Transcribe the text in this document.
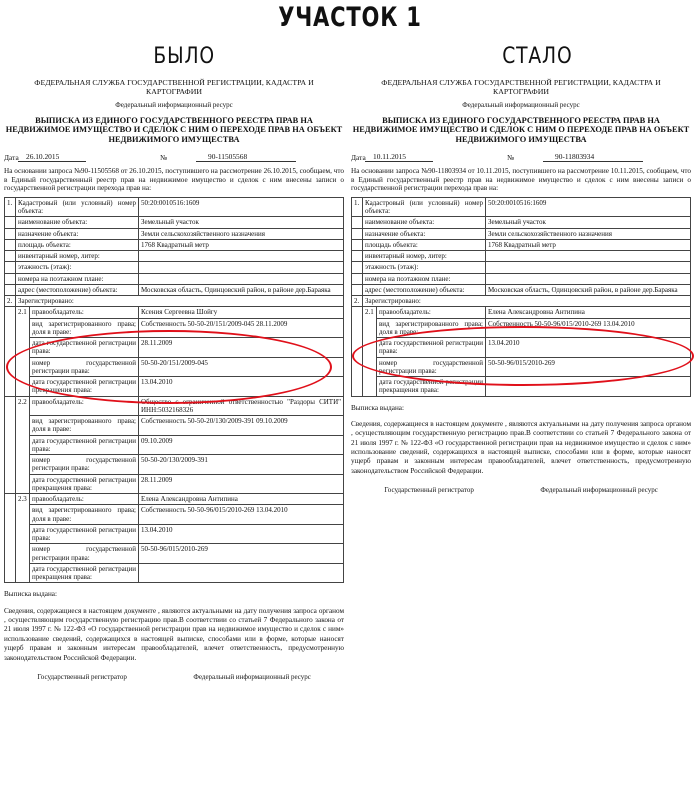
УЧАСТОК 1
БЫЛО	СТАЛО
ФЕДЕРАЛЬНАЯ СЛУЖБА ГОСУДАРСТВЕННОЙ РЕГИСТРАЦИИ, КАДАСТРА И КАРТОГРАФИИ
Федеральный информационный ресурс
ВЫПИСКА ИЗ ЕДИНОГО ГОСУДАРСТВЕННОГО РЕЕСТРА ПРАВ НА НЕДВИЖИМОЕ ИМУЩЕСТВО И СДЕЛОК С НИМ О ПЕРЕХОДЕ ПРАВ НА ОБЪЕКТ НЕДВИЖИМОГО ИМУЩЕСТВА
Дата 26.10.2015	№	90-11505568
На основании запроса №90-11505568 от 26.10.2015, поступившего на рассмотрение 26.10.2015, сообщаем, что в Единый государственный реестр прав на недвижимое имущество и сделок с ним внесены записи о государственной регистрации перехода прав на:
1.	Кадастровый (или условный) номер объекта:		50:20:0010516:1609
	наименование объекта:		Земельный участок
	назначение объекта:		Земли сельскохозяйственного назначения
	площадь объекта:		1768 Квадратный метр
	инвентарный номер, литер:		
	этажность (этаж):		
	номера на поэтажном плане:		
	адрес (местоположение) объекта:		Московская область, Одинцовский район, в районе дер.Бараяка
2.	Зарегистрировано:		
	2.1	правообладатель:	Ксения Сергеевна Шойгу
		вид зарегистрированного права; доля в праве:	Собственность 50-50-20/151/2009-045 28.11.2009
		дата государственной регистрации права:	28.11.2009
		номер государственной регистрации права:	50-50-20/151/2009-045
		дата государственной регистрации прекращения права:	13.04.2010
	2.2	правообладатель:	Общество с ограниченной ответственностью "Раздоры СИТИ" ИНН:5032168326
		вид зарегистрированного права; доля в праве:	Собственность 50-50-20/130/2009-391 09.10.2009
		дата государственной регистрации права:	09.10.2009
		номер государственной регистрации права:	50-50-20/130/2009-391
		дата государственной регистрации прекращения права:	28.11.2009
	2.3	правообладатель:	Елена Александровна Антипина
		вид зарегистрированного права; доля в праве:	Собственность 50-50-96/015/2010-269 13.04.2010
		дата государственной регистрации права:	13.04.2010
		номер государственной регистрации права:	50-50-96/015/2010-269
		дата государственной регистрации прекращения права:	
Выписка выдана:
Сведения, содержащиеся в настоящем документе , являются актуальными на дату получения запроса органом , осуществляющим государственную регистрацию прав.В соответствии со статьей 7 Федерального закона от 21 июля 1997 г. № 122-ФЗ «О государственной регистрации прав на недвижимое имущество и сделок с ним» использование сведений, содержащихся в настоящей выписке, способами или в форме, которые наносят ущерб правам и законным интересам правообладателей, влечет ответственность, предусмотренную законодательством Российской Федерации.
Государственный регистратор	Федеральный информационный ресурс
ФЕДЕРАЛЬНАЯ СЛУЖБА ГОСУДАРСТВЕННОЙ РЕГИСТРАЦИИ, КАДАСТРА И КАРТОГРАФИИ
Федеральный информационный ресурс
ВЫПИСКА ИЗ ЕДИНОГО ГОСУДАРСТВЕННОГО РЕЕСТРА ПРАВ НА НЕДВИЖИМОЕ ИМУЩЕСТВО И СДЕЛОК С НИМ О ПЕРЕХОДЕ ПРАВ НА ОБЪЕКТ НЕДВИЖИМОГО ИМУЩЕСТВА
Дата 10.11.2015	№	90-11803934
На основании запроса №90-11803934 от 10.11.2015, поступившего на рассмотрение 10.11.2015, сообщаем, что в Единый государственный реестр прав на недвижимое имущество и сделок с ним внесены записи о государственной регистрации перехода прав на:
1.	Кадастровый (или условный) номер объекта:		50:20:0010516:1609
	наименование объекта:		Земельный участок
	назначение объекта:		Земли сельскохозяйственного назначения
	площадь объекта:		1768 Квадратный метр
	инвентарный номер, литер:		
	этажность (этаж):		
	номера на поэтажном плане:		
	адрес (местоположение) объекта:		Московская область, Одинцовский район, в районе дер.Бараяка
2.	Зарегистрировано:		
	2.1	правообладатель:	Елена Александровна Антипина
		вид зарегистрированного права; доля в праве:	Собственность 50-50-96/015/2010-269 13.04.2010
		дата государственной регистрации права:	13.04.2010
		номер государственной регистрации права:	50-50-96/015/2010-269
		дата государственной регистрации прекращения права:	
Выписка выдана:
Сведения, содержащиеся в настоящем документе , являются актуальными на дату получения запроса органом , осуществляющим государственную регистрацию прав.В соответствии со статьей 7 Федерального закона от 21 июля 1997 г. № 122-ФЗ «О государственной регистрации прав на недвижимое имущество и сделок с ним» использование сведений, содержащихся в настоящей выписке, способами или в форме, которые наносят ущерб правам и законным интересам правообладателей, влечет ответственность, предусмотренную законодательством Российской Федерации.
Государственный регистратор	Федеральный информационный ресурс
